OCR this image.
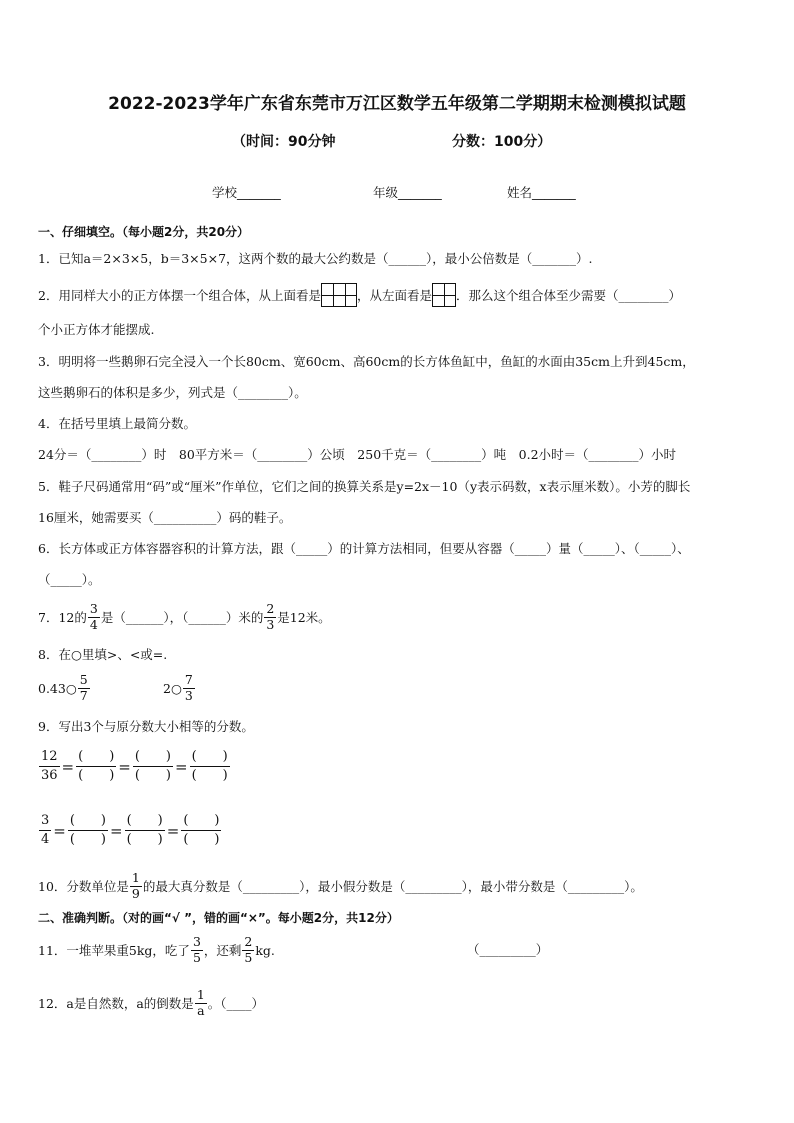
2022-2023学年广东省东莞市万江区数学五年级第二学期期末检测模拟试题
（时间：90分钟	分数：100分）
学校_______	年级_______	姓名_______
一、仔细填空。（每小题2分，共20分）
1．已知a＝2×3×5，b＝3×5×7，这两个数的最大公约数是（______），最小公倍数是（_______）.
2．用同样大小的正方体摆一个组合体，从上面看是	，从左面看是 ．那么这个组合体至少需要（________）
个小正方体才能摆成.
3．明明将一些鹅卵石完全浸入一个长80cm、宽60cm、高60cm的长方体鱼缸中，鱼缸的水面由35cm上升到45cm，
这些鹅卵石的体积是多少，列式是（________）。
4．在括号里填上最简分数。
24分＝（________）时　80平方米＝（________）公顷　250千克＝（________）吨　0.2小时＝（________）小时
5．鞋子尺码通常用“码”或“厘米”作单位，它们之间的换算关系是y=2x－10（y表示码数，x表示厘米数）。小芳的脚长
16厘米，她需要买（__________）码的鞋子。
6．长方体或正方体容器容积的计算方法，跟（_____）的计算方法相同，但要从容器（_____）量（_____）、（_____）、
（_____）。
7．12的 $\frac{3}{4}$ 是（______），（______）米的 $\frac{2}{3}$ 是12米。
8．在○里填>、<或=.
0.43○ $\frac{5}{7}$	2○ $\frac{7}{3}$
9．写出3个与原分数大小相等的分数。
12
36 =
(　　)
(　　) =
(　　)
(　　) =
(　　)
(　　)
3
4 =
(　　)
(　　) =
(　　)
(　　) =
(　　)
(　　)
10．分数单位是 $\frac{1}{9}$ 的最大真分数是（_________），最小假分数是（_________），最小带分数是（_________）。
二、准确判断。（对的画“√ ”，错的画“×”。每小题2分，共12分）
11．一堆苹果重5kg，吃了 $\frac{3}{5}$ ，还剩 $\frac{2}{5}$ kg.	（_________）
12．a是自然数，a的倒数是 $\frac{1}{a}$ 。（____）
